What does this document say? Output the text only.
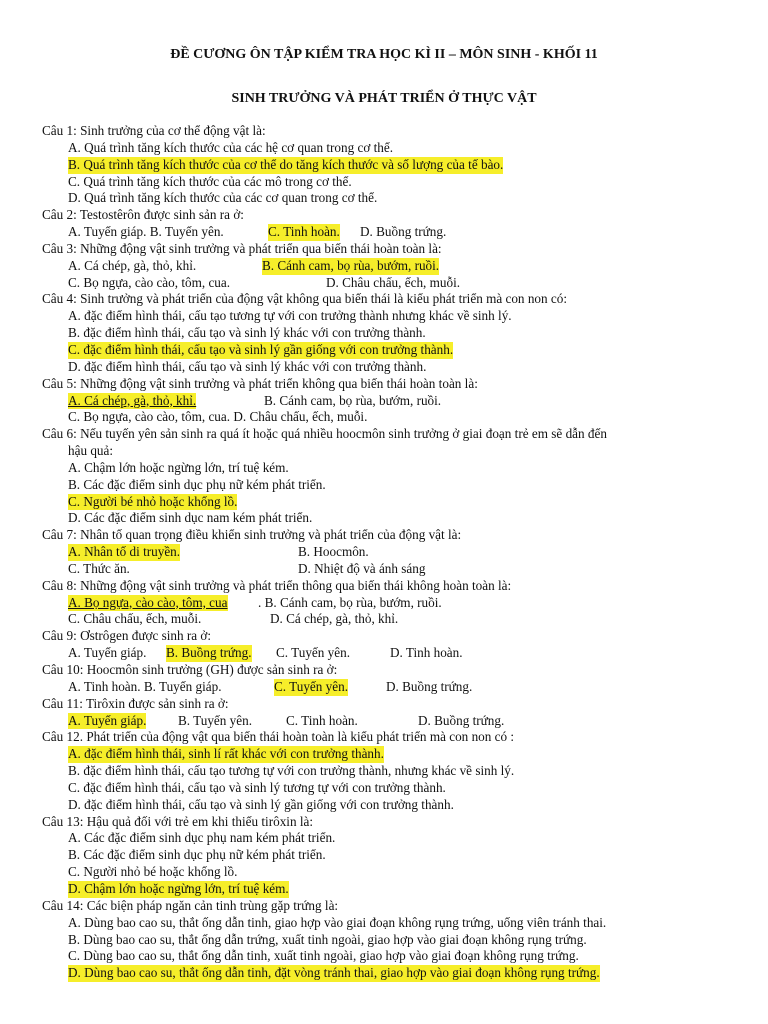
ĐỀ CƯƠNG ÔN TẬP KIỂM TRA HỌC KÌ II – MÔN SINH - KHỐI 11
SINH TRƯỞNG VÀ PHÁT TRIỂN Ở THỰC VẬT
Câu 1: Sinh trưởng của cơ thể động vật là:
A. Quá trình tăng kích thước của các hệ cơ quan trong cơ thể.
B. Quá trình tăng kích thước của cơ thể do tăng kích thước và số lượng của tế bào.
C. Quá trình tăng kích thước của các mô trong cơ thể.
D. Quá trình tăng kích thước của các cơ quan trong cơ thể.
Câu 2: Testostêrôn được sinh sản ra ở:
A. Tuyến giáp. B. Tuyến yên.	C. Tinh hoàn. D. Buồng trứng.
Câu 3: Những động vật sinh trưởng và phát triển qua biến thái hoàn toàn là:
A. Cá chép, gà, thỏ, khỉ.	B. Cánh cam, bọ rùa, bướm, ruồi.
C. Bọ ngựa, cào cào, tôm, cua.	D. Châu chấu, ếch, muỗi.
Câu 4: Sinh trưởng và phát triển của động vật không qua biến thái là kiểu phát triển mà con non có:
A. đặc điểm hình thái, cấu tạo tương tự với con trưởng thành nhưng khác về sinh lý.
B. đặc điểm hình thái, cấu tạo và sinh lý khác với con trưởng thành.
C. đặc điểm hình thái, cấu tạo và sinh lý gần giống với con trưởng thành.
D. đặc điểm hình thái, cấu tạo và sinh lý khác với con trưởng thành.
Câu 5: Những động vật sinh trưởng và phát triển không qua biến thái hoàn toàn là:
A. Cá chép, gà, thỏ, khỉ.	B. Cánh cam, bọ rùa, bướm, ruồi.
C. Bọ ngựa, cào cào, tôm, cua. D. Châu chấu, ếch, muỗi.
Câu 6: Nếu tuyến yên sản sinh ra quá ít hoặc quá nhiều hoocmôn sinh trưởng ở giai đoạn trẻ em sẽ dẫn đến
hậu quả:
A. Chậm lớn hoặc ngừng lớn, trí tuệ kém.
B. Các đặc điểm sinh dục phụ nữ kém phát triển.
C. Người bé nhỏ hoặc khổng lồ.
D. Các đặc điểm sinh dục nam kém phát triển.
Câu 7: Nhân tố quan trọng điều khiển sinh trưởng và phát triển của động vật là:
A. Nhân tố di truyền.	B. Hoocmôn.
C. Thức ăn.	D. Nhiệt độ và ánh sáng
Câu 8: Những động vật sinh trưởng và phát triển thông qua biến thái không hoàn toàn là:
A. Bọ ngựa, cào cào, tôm, cua . B. Cánh cam, bọ rùa, bướm, ruồi.
C. Châu chấu, ếch, muỗi.	D. Cá chép, gà, thỏ, khỉ.
Câu 9: Ơstrôgen được sinh ra ở:
A. Tuyến giáp. B. Buồng trứng. C. Tuyến yên.	D. Tinh hoàn.
Câu 10: Hoocmôn sinh trưởng (GH) được sản sinh ra ở:
A. Tinh hoàn. B. Tuyến giáp.	C. Tuyến yên.	D. Buồng trứng.
Câu 11: Tirôxin được sản sinh ra ở:
A. Tuyến giáp. B. Tuyến yên.	C. Tinh hoàn.	D. Buồng trứng.
Câu 12. Phát triển của động vật qua biến thái hoàn toàn là kiểu phát triển mà con non có :
A. đặc điểm hình thái, sinh lí rất khác với con trưởng thành.
B. đặc điểm hình thái, cấu tạo tương tự với con trưởng thành, nhưng khác về sinh lý.
C. đặc điểm hình thái, cấu tạo và sinh lý tương tự với con trưởng thành.
D. đặc điểm hình thái, cấu tạo và sinh lý gần giống với con trưởng thành.
Câu 13: Hậu quả đối với trẻ em khi thiếu tirôxin là:
A. Các đặc điểm sinh dục phụ nam kém phát triển.
B. Các đặc điểm sinh dục phụ nữ kém phát triển.
C. Người nhỏ bé hoặc khổng lồ.
D. Chậm lớn hoặc ngừng lớn, trí tuệ kém.
Câu 14: Các biện pháp ngăn cản tinh trùng gặp trứng là:
A. Dùng bao cao su, thắt ống dẫn tinh, giao hợp vào giai đoạn không rụng trứng, uống viên tránh thai.
B. Dùng bao cao su, thắt ống dẫn trứng, xuất tinh ngoài, giao hợp vào giai đoạn không rụng trứng.
C. Dùng bao cao su, thắt ống dẫn tinh, xuất tinh ngoài, giao hợp vào giai đoạn không rụng trứng.
D. Dùng bao cao su, thắt ống dẫn tinh, đặt vòng tránh thai, giao hợp vào giai đoạn không rụng trứng.
